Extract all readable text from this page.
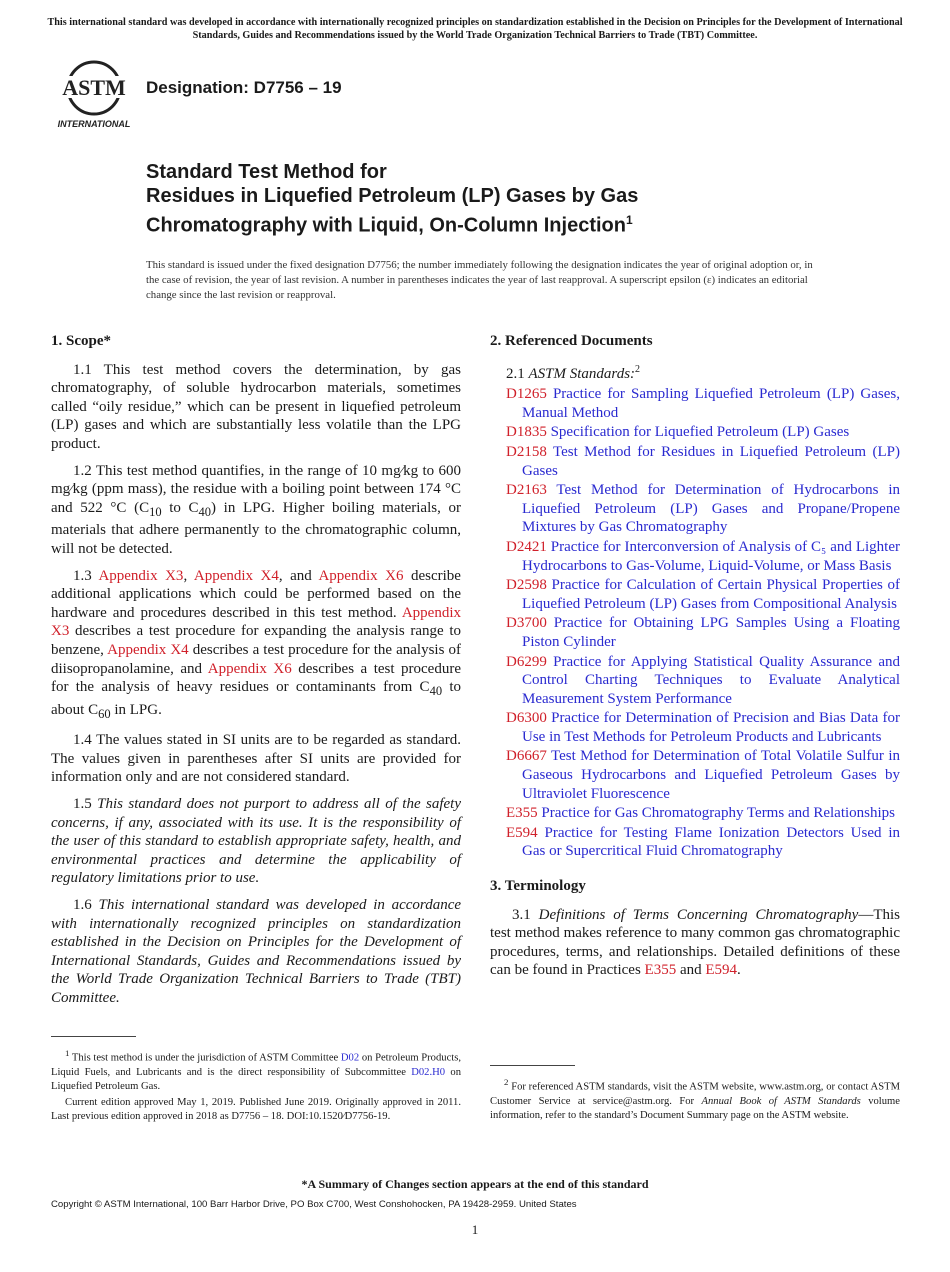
This international standard was developed in accordance with internationally recognized principles on standardization established in the Decision on Principles for the Development of International Standards, Guides and Recommendations issued by the World Trade Organization Technical Barriers to Trade (TBT) Committee.
ASTM
INTERNATIONAL
Designation: D7756 – 19
Standard Test Method for
Residues in Liquefied Petroleum (LP) Gases by Gas
Chromatography with Liquid, On-Column Injection$^1$
This standard is issued under the fixed designation D7756; the number immediately following the designation indicates the year of original adoption or, in the case of revision, the year of last revision. A number in parentheses indicates the year of last reapproval. A superscript epsilon (ε) indicates an editorial change since the last revision or reapproval.
1. Scope*

1.1 This test method covers the determination, by gas chromatography, of soluble hydrocarbon materials, sometimes called “oily residue,” which can be present in liquefied petroleum (LP) gases and which are substantially less volatile than the LPG product.

1.2 This test method quantifies, in the range of 10 mg⁄kg to 600 mg⁄kg (ppm mass), the residue with a boiling point between 174 °C and 522 °C ($C_{10}$ to $C_{40}$) in LPG. Higher boiling materials, or materials that adhere permanently to the chromatographic column, will not be detected.

1.3 Appendix X3, Appendix X4, and Appendix X6 describe additional applications which could be performed based on the hardware and procedures described in this test method. Appendix X3 describes a test procedure for expanding the analysis range to benzene, Appendix X4 describes a test procedure for the analysis of diisopropanolamine, and Appendix X6 describes a test procedure for the analysis of heavy residues or contaminants from $C_{40}$ to about $C_{60}$ in LPG.

1.4 The values stated in SI units are to be regarded as standard. The values given in parentheses after SI units are provided for information only and are not considered standard.

1.5 This standard does not purport to address all of the safety concerns, if any, associated with its use. It is the responsibility of the user of this standard to establish appropriate safety, health, and environmental practices and determine the applicability of regulatory limitations prior to use.

1.6 This international standard was developed in accordance with internationally recognized principles on standardization established in the Decision on Principles for the Development of International Standards, Guides and Recommendations issued by the World Trade Organization Technical Barriers to Trade (TBT) Committee.

2. Referenced Documents
2.1 ASTM Standards:$^2$
D1265 Practice for Sampling Liquefied Petroleum (LP) Gases, Manual Method
D1835 Specification for Liquefied Petroleum (LP) Gases
D2158 Test Method for Residues in Liquefied Petroleum (LP) Gases
D2163 Test Method for Determination of Hydrocarbons in Liquefied Petroleum (LP) Gases and Propane/Propene Mixtures by Gas Chromatography
D2421 Practice for Interconversion of Analysis of C₅ and Lighter Hydrocarbons to Gas-Volume, Liquid-Volume, or Mass Basis
D2598 Practice for Calculation of Certain Physical Properties of Liquefied Petroleum (LP) Gases from Compositional Analysis
D3700 Practice for Obtaining LPG Samples Using a Floating Piston Cylinder
D6299 Practice for Applying Statistical Quality Assurance and Control Charting Techniques to Evaluate Analytical Measurement System Performance
D6300 Practice for Determination of Precision and Bias Data for Use in Test Methods for Petroleum Products and Lubricants
D6667 Test Method for Determination of Total Volatile Sulfur in Gaseous Hydrocarbons and Liquefied Petroleum Gases by Ultraviolet Fluorescence
E355 Practice for Gas Chromatography Terms and Relationships
E594 Practice for Testing Flame Ionization Detectors Used in Gas or Supercritical Fluid Chromatography
3. Terminology

3.1 Definitions of Terms Concerning Chromatography—This test method makes reference to many common gas chromatographic procedures, terms, and relationships. Detailed definitions of these can be found in Practices E355 and E594.

$^1$ This test method is under the jurisdiction of ASTM Committee D02 on Petroleum Products, Liquid Fuels, and Lubricants and is the direct responsibility of Subcommittee D02.H0 on Liquefied Petroleum Gas.

Current edition approved May 1, 2019. Published June 2019. Originally approved in 2011. Last previous edition approved in 2018 as D7756 – 18. DOI:10.1520⁄D7756-19.

$^2$ For referenced ASTM standards, visit the ASTM website, www.astm.org, or contact ASTM Customer Service at service@astm.org. For Annual Book of ASTM Standards volume information, refer to the standard’s Document Summary page on the ASTM website.

*A Summary of Changes section appears at the end of this standard
Copyright © ASTM International, 100 Barr Harbor Drive, PO Box C700, West Conshohocken, PA 19428-2959. United States
1
